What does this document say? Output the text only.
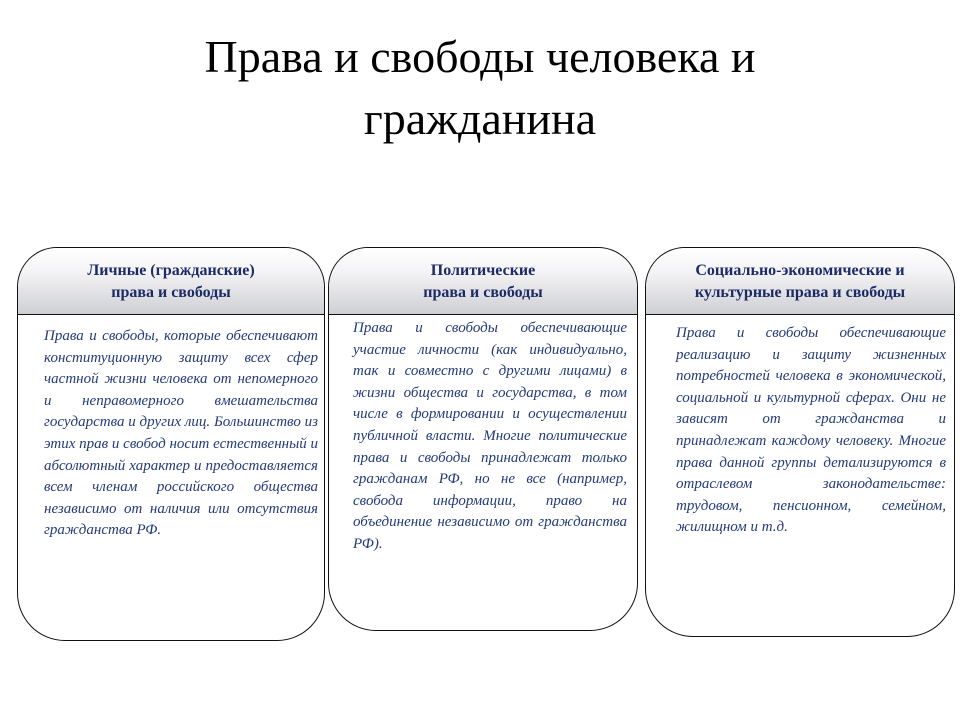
Права и свободы человека и
гражданина
Личные (гражданские)
права и свободы
Права и свободы, которые обеспечивают конституционную защиту всех сфер частной жизни человека от непомерного и неправомерного вмешательства государства и других лиц. Большинство из этих прав и свобод носит естественный и абсолютный характер и предоставляется всем членам российского общества независимо от наличия или отсутствия гражданства РФ.
Политические
права и свободы
Права и свободы обеспечивающие участие личности (как индивидуально, так и совместно с другими лицами) в жизни общества и государства, в том числе в формировании и осуществлении публичной власти. Многие политические права и свободы принадлежат только гражданам РФ, но не все (например, свобода информации, право на объединение независимо от гражданства РФ).
Социально-экономические и
культурные права и свободы
Права и свободы обеспечивающие реализацию и защиту жизненных потребностей человека в экономической, социальной и культурной сферах. Они не зависят от гражданства и принадлежат каждому человеку. Многие права данной группы детализируются в отраслевом законодательстве: трудовом, пенсионном, семейном, жилищном и т.д.
